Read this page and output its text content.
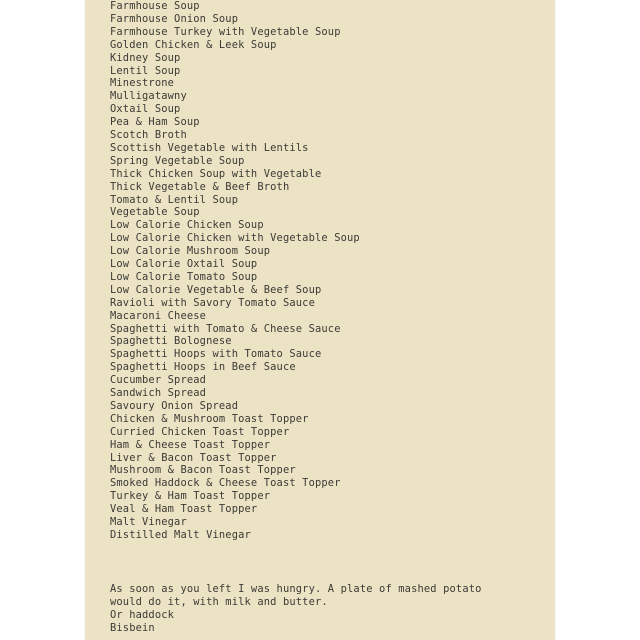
Farmhouse Soup

Farmhouse Onion Soup

Farmhouse Turkey with Vegetable Soup

Golden Chicken & Leek Soup

Kidney Soup

Lentil Soup

Minestrone

Mulligatawny

Oxtail Soup

Pea & Ham Soup

Scotch Broth

Scottish Vegetable with Lentils

Spring Vegetable Soup

Thick Chicken Soup with Vegetable

Thick Vegetable & Beef Broth

Tomato & Lentil Soup

Vegetable Soup

Low Calorie Chicken Soup

Low Calorie Chicken with Vegetable Soup

Low Calorie Mushroom Soup

Low Calorie Oxtail Soup

Low Calorie Tomato Soup

Low Calorie Vegetable & Beef Soup

Ravioli with Savory Tomato Sauce

Macaroni Cheese

Spaghetti with Tomato & Cheese Sauce

Spaghetti Bolognese

Spaghetti Hoops with Tomato Sauce

Spaghetti Hoops in Beef Sauce

Cucumber Spread

Sandwich Spread

Savoury Onion Spread

Chicken & Mushroom Toast Topper

Curried Chicken Toast Topper

Ham & Cheese Toast Topper

Liver & Bacon Toast Topper

Mushroom & Bacon Toast Topper

Smoked Haddock & Cheese Toast Topper

Turkey & Ham Toast Topper

Veal & Ham Toast Topper

Malt Vinegar

Distilled Malt Vinegar

As soon as you left I was hungry. A plate of mashed potato

would do it, with milk and butter.

Or haddock

Bisbein
